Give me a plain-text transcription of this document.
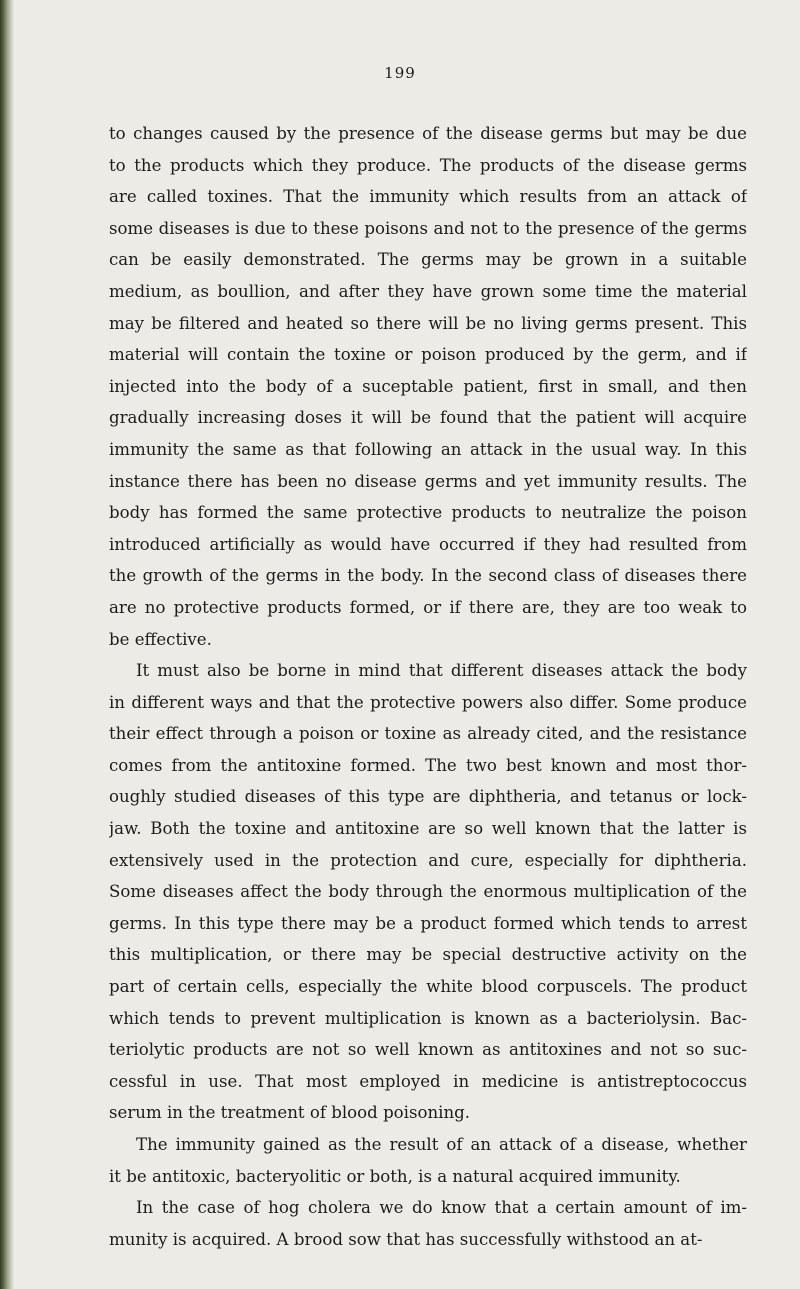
199

to changes caused by the presence of the disease germs but may be due
to the products which they produce. The products of the disease germs
are called toxines. That the immunity which results from an attack of
some diseases is due to these poisons and not to the presence of the germs
can be easily demonstrated. The germs may be grown in a suitable
medium, as boullion, and after they have grown some time the material
may be filtered and heated so there will be no living germs present. This
material will contain the toxine or poison produced by the germ, and if
injected into the body of a suceptable patient, first in small, and then
gradually increasing doses it will be found that the patient will acquire
immunity the same as that following an attack in the usual way. In this
instance there has been no disease germs and yet immunity results. The
body has formed the same protective products to neutralize the poison
introduced artificially as would have occurred if they had resulted from
the growth of the germs in the body. In the second class of diseases there
are no protective products formed, or if there are, they are too weak to
be effective.

It must also be borne in mind that different diseases attack the body
in different ways and that the protective powers also differ. Some produce
their effect through a poison or toxine as already cited, and the resistance
comes from the antitoxine formed. The two best known and most thor-
oughly studied diseases of this type are diphtheria, and tetanus or lock-
jaw. Both the toxine and antitoxine are so well known that the latter is
extensively used in the protection and cure, especially for diphtheria.
Some diseases affect the body through the enormous multiplication of the
germs. In this type there may be a product formed which tends to arrest
this multiplication, or there may be special destructive activity on the
part of certain cells, especially the white blood corpuscels. The product
which tends to prevent multiplication is known as a bacteriolysin. Bac-
teriolytic products are not so well known as antitoxines and not so suc-
cessful in use. That most employed in medicine is antistreptococcus
serum in the treatment of blood poisoning.

The immunity gained as the result of an attack of a disease, whether
it be antitoxic, bacteryolitic or both, is a natural acquired immunity.

In the case of hog cholera we do know that a certain amount of im-
munity is acquired. A brood sow that has successfully withstood an at-
